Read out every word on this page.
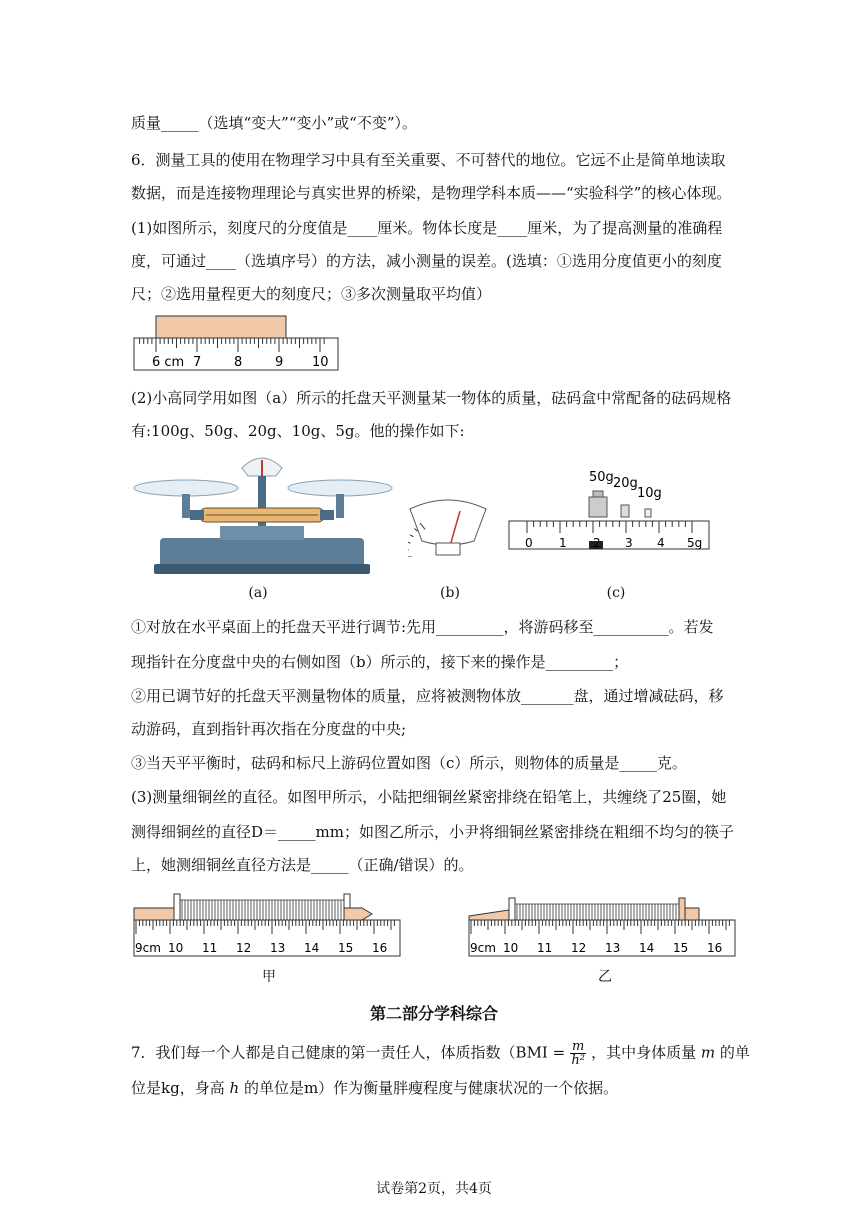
质量_____（选填“变大”“变小”或“不变”）。
6．测量工具的使用在物理学习中具有至关重要、不可替代的地位。它远不止是简单地读取
数据，而是连接物理理论与真实世界的桥梁，是物理学科本质——“实验科学”的核心体现。
(1)如图所示，刻度尺的分度值是____厘米。物体长度是____厘米，为了提高测量的准确程
度，可通过____（选填序号）的方法，减小测量的误差。(选填：①选用分度值更小的刻度
尺；②选用量程更大的刻度尺；③多次测量取平均值）
6 cm 7	8	9 10
(2)小高同学用如图（a）所示的托盘天平测量某一物体的质量，砝码盒中常配备的砝码规格
有:100g、50g、20g、10g、5g。他的操作如下:
50g 20g
10g
0 1 2 3 4 5g
(a)	(b)	(c)
①对放在水平桌面上的托盘天平进行调节:先用_________，将游码移至__________。若发
现指针在分度盘中央的右侧如图（b）所示的，接下来的操作是_________；
②用已调节好的托盘天平测量物体的质量，应将被测物体放_______盘，通过增减砝码，移
动游码，直到指针再次指在分度盘的中央;
③当天平平衡时，砝码和标尺上游码位置如图（c）所示，则物体的质量是_____克。
(3)测量细铜丝的直径。如图甲所示，小陆把细铜丝紧密排绕在铅笔上，共缠绕了25圈，她
测得细铜丝的直径D＝_____mm；如图乙所示，小尹将细铜丝紧密排绕在粗细不均匀的筷子
上，她测细铜丝直径方法是_____（正确/错误）的。
9cm 10 11 12 13 14 15 16	9cm 10 11 12 13 14 15 16
甲	乙
第二部分学科综合
7．我们每一个人都是自己健康的第一责任人，体质指数（$BMI = \frac{m}{\text{h²}}$ ，其中身体质量 m 的单
位是kg，身高 h 的单位是m）作为衡量胖瘦程度与健康状况的一个依据。
试卷第2页，共4页
